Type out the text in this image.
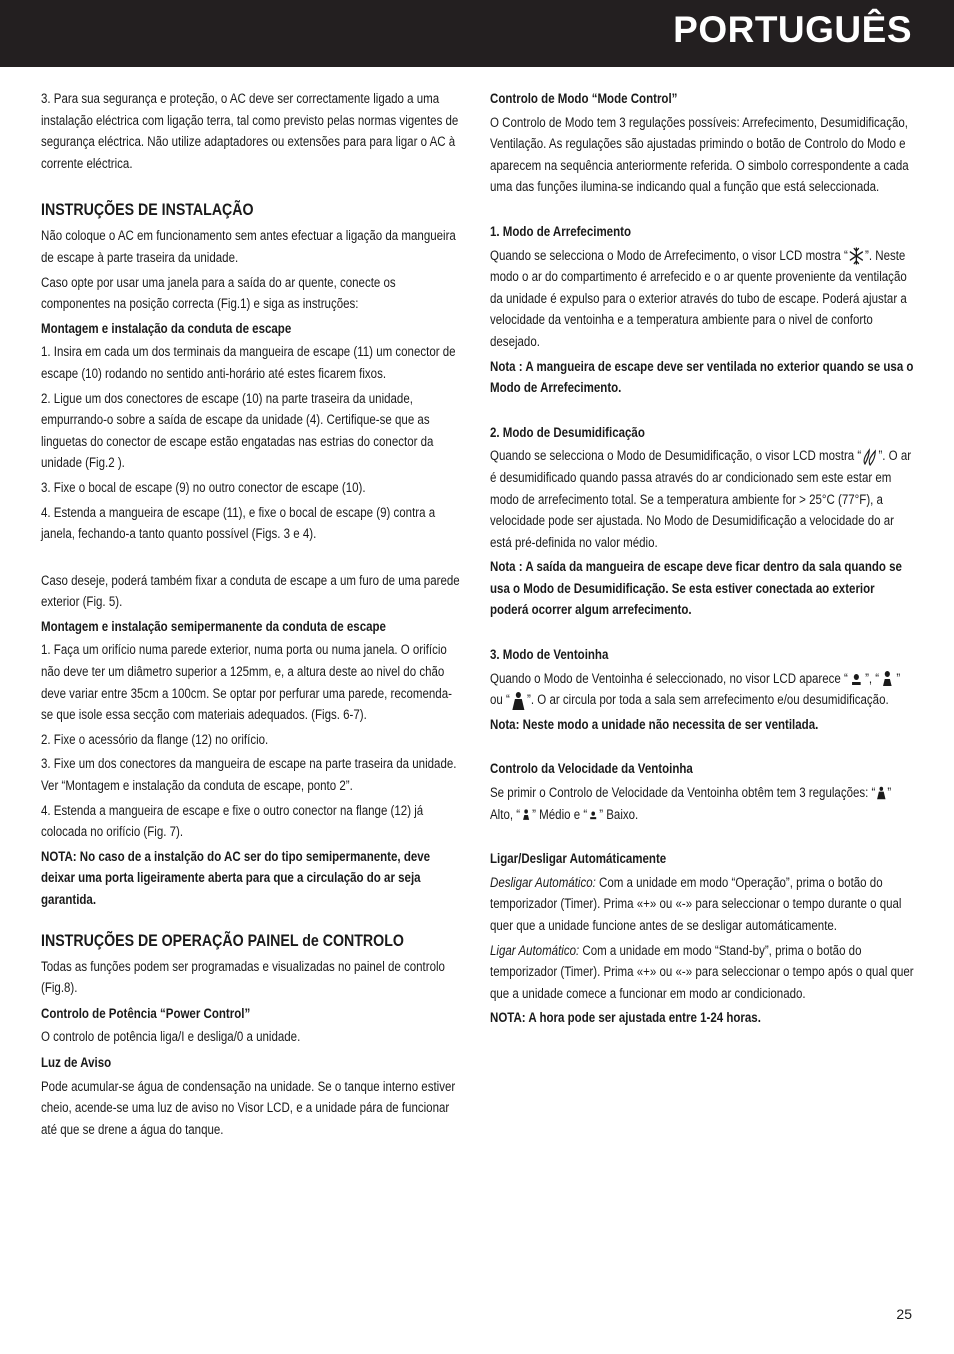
PORTUGUÊS

3. Para sua segurança e proteção, o AC deve ser correctamente ligado a uma instalação eléctrica com ligação terra, tal como previsto pelas normas vigentes de segurança eléctrica. Não utilize adaptadores ou extensões para para ligar o AC à corrente eléctrica.

INSTRUÇÕES DE INSTALAÇÃO

Não coloque o AC em funcionamento sem antes efectuar a ligação da mangueira de escape à parte traseira da unidade.

Caso opte por usar uma janela para a saída do ar quente, conecte os componentes na posição correcta (Fig.1) e siga as instruções:

Montagem e instalação da conduta de escape

1. Insira em cada um dos terminais da mangueira de escape (11) um conector de escape (10) rodando no sentido anti-horário até estes ficarem fixos.

2. Ligue um dos conectores de escape (10) na parte traseira da unidade, empurrando-o sobre a saída de escape da unidade (4). Certifique-se que as linguetas do conector de escape estão engatadas nas estrias do conector da unidade (Fig.2 ).

3. Fixe o bocal de escape (9) no outro conector de escape (10).

4. Estenda a mangueira de escape (11), e fixe o bocal de escape (9) contra a janela, fechando-a tanto quanto possível (Figs. 3 e 4).

Caso deseje, poderá também fixar a conduta de escape a um furo de uma parede exterior (Fig. 5).

Montagem e instalação semipermanente da conduta de escape

1. Faça um orifício numa parede exterior, numa porta ou numa janela. O orifício não deve ter um diâmetro superior a 125mm, e, a altura deste ao nivel do chão deve variar entre 35cm a 100cm. Se optar por perfurar uma parede, recomenda-se que isole essa secção com materiais adequados. (Figs. 6-7).

2. Fixe o acessório da flange (12) no orifício.

3. Fixe um dos conectores da mangueira de escape na parte traseira da unidade. Ver “Montagem e instalação da conduta de escape, ponto 2”.

4. Estenda a mangueira de escape e fixe o outro conector na flange (12) já colocada no orifício (Fig. 7).

NOTA: No caso de a instalção do AC ser do tipo semipermanente, deve deixar uma porta ligeiramente aberta para que a circulação do ar seja garantida.

INSTRUÇÕES DE OPERAÇÃO PAINEL de CONTROLO

Todas as funções podem ser programadas e visualizadas no painel de controlo (Fig.8).

Controlo de Potência “Power Control”

O controlo de potência liga/I e desliga/0 a unidade.

Luz de Aviso

Pode acumular-se água de condensação na unidade. Se o tanque interno estiver cheio, acende-se uma luz de aviso no Visor LCD, e a unidade pára de funcionar até que se drene a água do tanque.

Controlo de Modo “Mode Control”

O Controlo de Modo tem 3 regulações possíveis: Arrefecimento, Desumidificação, Ventilação. As regulações são ajustadas primindo o botão de Controlo do Modo e aparecem na sequência anteriormente referida. O simbolo correspondente a cada uma das funções ilumina-se indicando qual a função que está seleccionada.

1. Modo de Arrefecimento

Quando se selecciona o Modo de Arrefecimento, o visor LCD mostra “ ”. Neste modo o ar do compartimento é arrefecido e o ar quente proveniente da ventilação da unidade é expulso para o exterior através do tubo de escape. Poderá ajustar a velocidade da ventoinha e a temperatura ambiente para o nivel de conforto desejado.

Nota : A mangueira de escape deve ser ventilada no exterior quando se usa o Modo de Arrefecimento.

2. Modo de Desumidificação

Quando se selecciona o Modo de Desumidificação, o visor LCD mostra “ ”. O ar é desumidificado quando passa através do ar condicionado sem este estar em modo de arrefecimento total. Se a temperatura ambiente for > 25°C (77°F), a velocidade pode ser ajustada. No Modo de Desumidificação a velocidade do ar está pré-definida no valor médio.

Nota : A saída da mangueira de escape deve ficar dentro da sala quando se usa o Modo de Desumidificação. Se esta estiver conectada ao exterior poderá ocorrer algum arrefecimento.

3. Modo de Ventoinha

Quando o Modo de Ventoinha é seleccionado, no visor LCD aparece “ ”, “ ” ou “ ”. O ar circula por toda a sala sem arrefecimento e/ou desumidificação.

Nota: Neste modo a unidade não necessita de ser ventilada.

Controlo da Velocidade da Ventoinha

Se primir o Controlo de Velocidade da Ventoinha obtêm tem 3 regulações: “ ” Alto, “ ” Médio e “ ” Baixo.

Ligar/Desligar Automáticamente

Desligar Automático: Com a unidade em modo “Operação”, prima o botão do temporizador (Timer). Prima «+» ou «-» para seleccionar o tempo durante o qual quer que a unidade funcione antes de se desligar automáticamente.

Ligar Automático: Com a unidade em modo “Stand-by”, prima o botão do temporizador (Timer). Prima «+» ou «-» para seleccionar o tempo após o qual quer que a unidade comece a funcionar em modo ar condicionado.

NOTA: A hora pode ser ajustada entre 1-24 horas.

25
